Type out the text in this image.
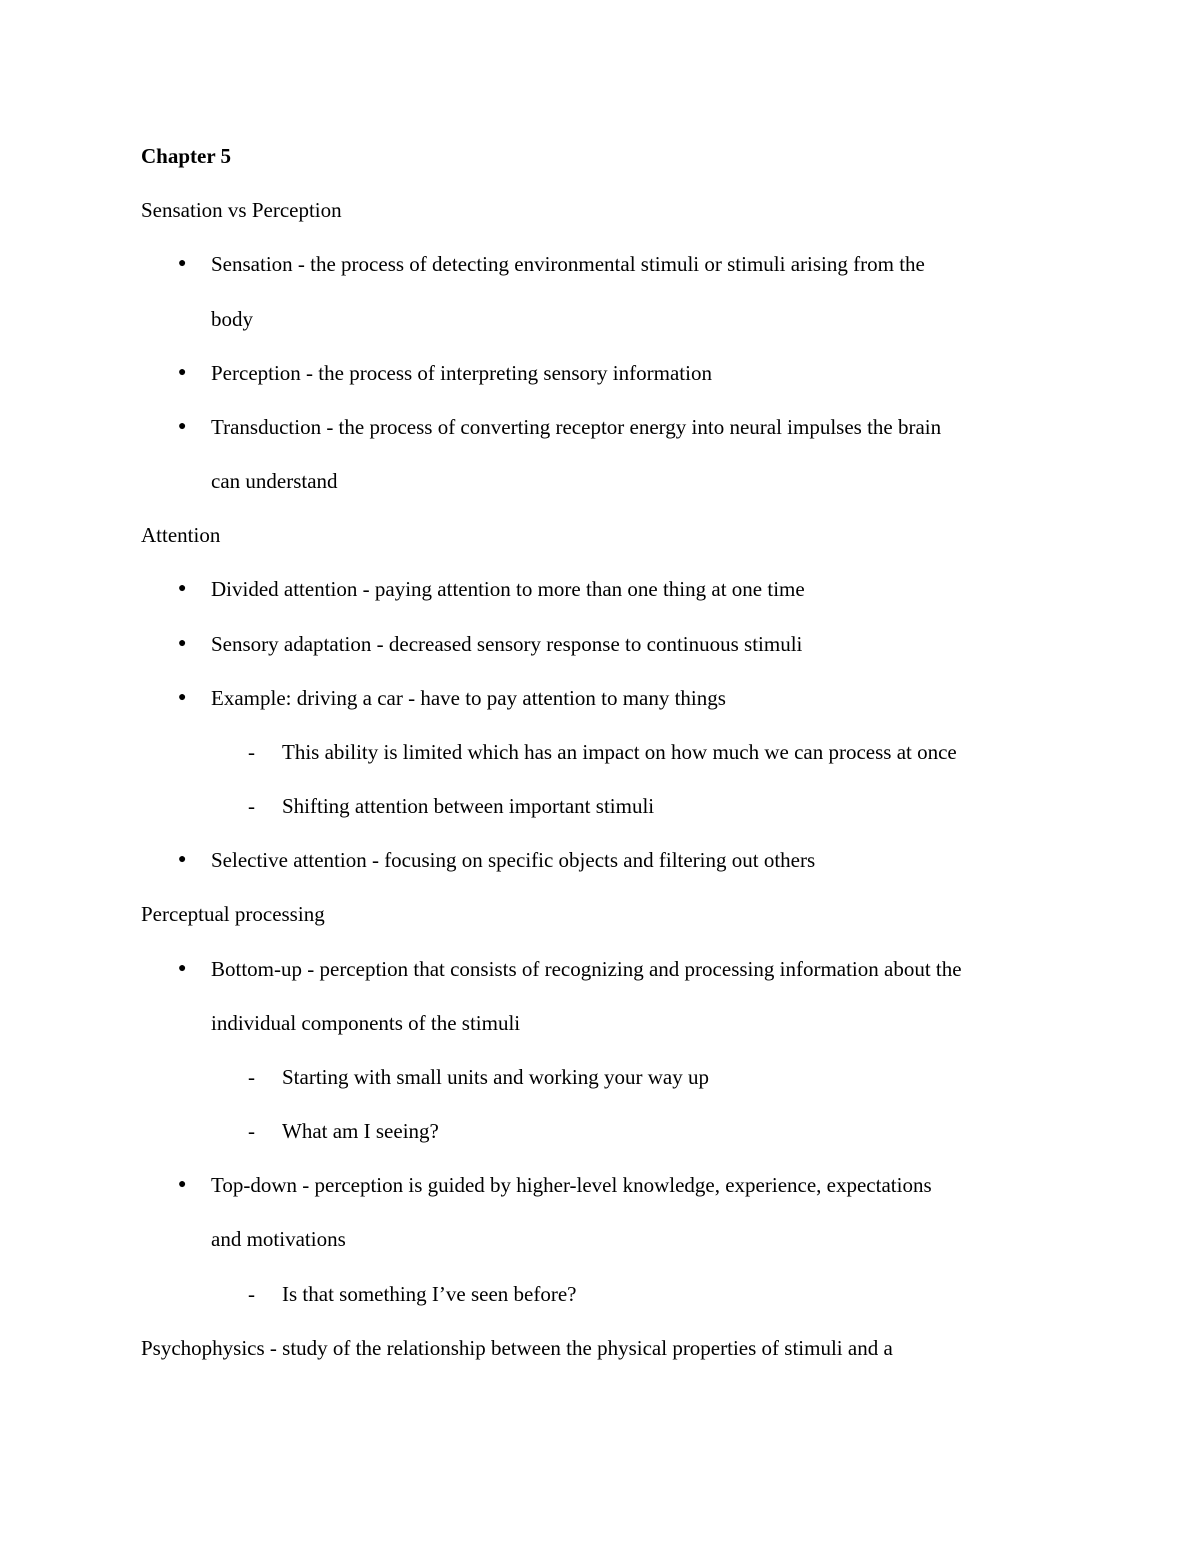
Chapter 5
Sensation vs Perception
● Sensation - the process of detecting environmental stimuli or stimuli arising from the
body
● Perception - the process of interpreting sensory information
● Transduction - the process of converting receptor energy into neural impulses the brain
can understand
Attention
● Divided attention - paying attention to more than one thing at one time
● Sensory adaptation - decreased sensory response to continuous stimuli
● Example: driving a car - have to pay attention to many things
- This ability is limited which has an impact on how much we can process at once
- Shifting attention between important stimuli
● Selective attention - focusing on specific objects and filtering out others
Perceptual processing
● Bottom-up - perception that consists of recognizing and processing information about the
individual components of the stimuli
- Starting with small units and working your way up
- What am I seeing?
● Top-down - perception is guided by higher-level knowledge, experience, expectations
and motivations
- Is that something I’ve seen before?
Psychophysics - study of the relationship between the physical properties of stimuli and a
